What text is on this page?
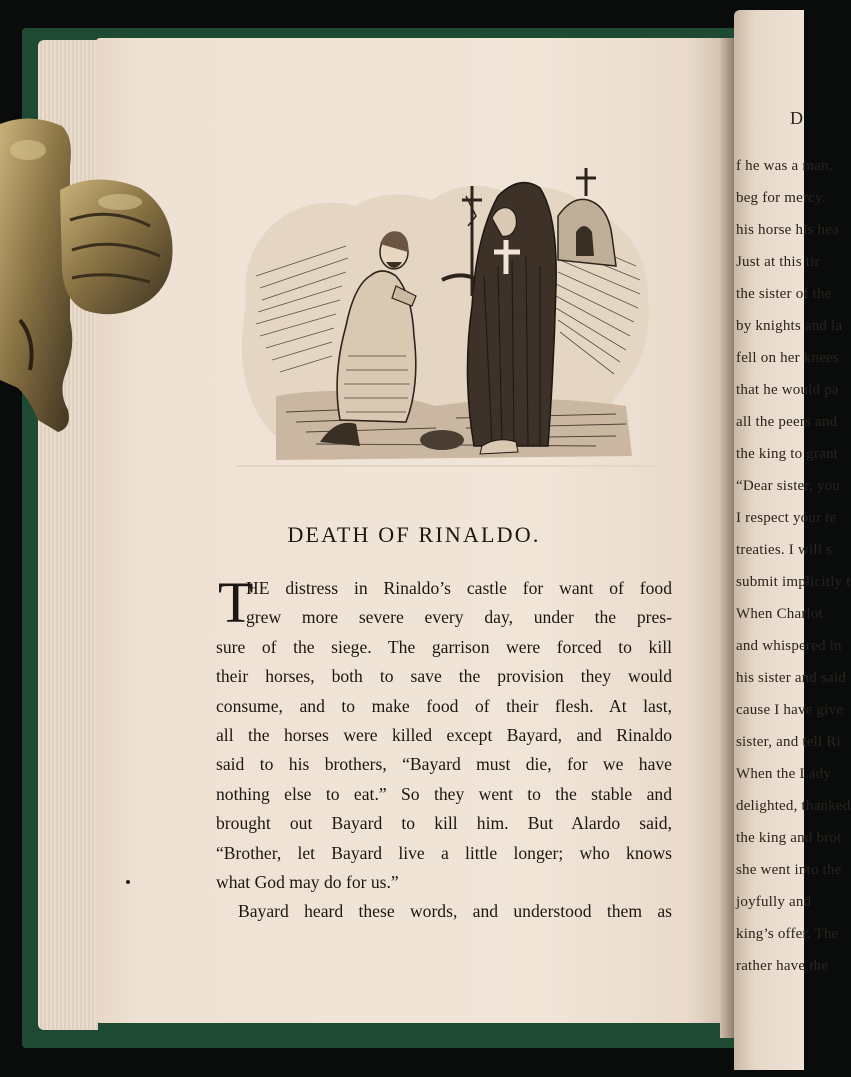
D
f he was a man,
beg for mercy.
his horse his hea
Just at this tir
the sister of the
by knights and la
fell on her knees
that he would pa
all the peers and
the king to grant
“Dear sister, you
I respect your te
treaties. I will s
submit implicitly t
When Charlot
and whispered in
his sister and said
cause I have give
sister, and tell Ri
When the Lady
delighted, thanked
the king and brot
she went into the
joyfully and
king’s offer. The
rather have the
DEATH OF RINALDO.
T
HE distress in Rinaldo’s castle for want of food
grew more severe every day, under the pres-
sure of the siege. The garrison were forced to kill
their horses, both to save the provision they would
consume, and to make food of their flesh. At last,
all the horses were killed except Bayard, and Rinaldo
said to his brothers, “Bayard must die, for we have
nothing else to eat.” So they went to the stable and
brought out Bayard to kill him. But Alardo said,
“Brother, let Bayard live a little longer; who knows
what God may do for us.”
Bayard heard these words, and understood them as
